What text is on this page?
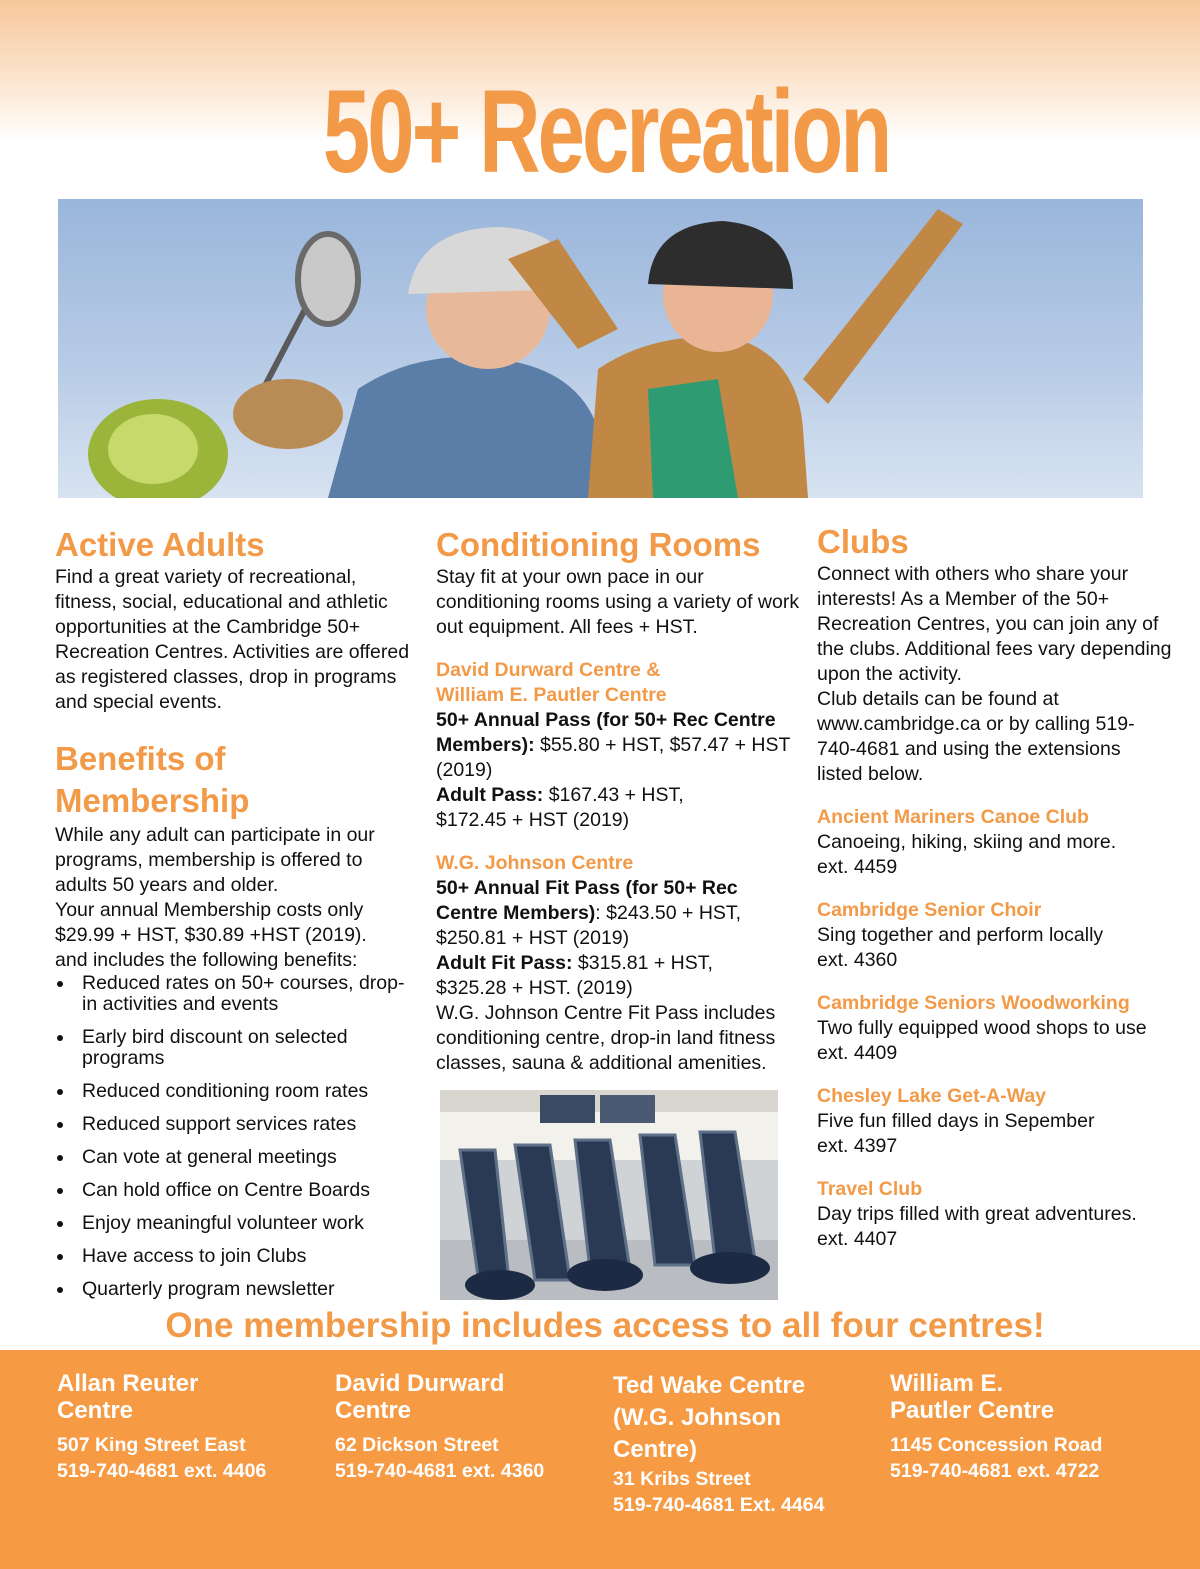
50+ Recreation
Active Adults
Find a great variety of recreational, fitness, social, educational and athletic opportunities at the Cambridge 50+ Recreation Centres. Activities are offered as registered classes, drop in programs and special events.
Benefits of
Membership
While any adult can participate in our programs, membership is offered to adults 50 years and older.
Your annual Membership costs only $29.99 + HST, $30.89 +HST (2019).
and includes the following benefits:
Reduced rates on 50+ courses, drop-in activities and events
Early bird discount on selected programs
Reduced conditioning room rates
Reduced support services rates
Can vote at general meetings
Can hold office on Centre Boards
Enjoy meaningful volunteer work
Have access to join Clubs
Quarterly program newsletter
Conditioning Rooms
Stay fit at your own pace in our conditioning rooms using a variety of work out equipment. All fees + HST.
David Durward Centre & William E. Pautler Centre
50+ Annual Pass (for 50+ Rec Centre Members): $55.80 + HST, $57.47 + HST (2019)
Adult Pass: $167.43 + HST, $172.45 + HST (2019)
W.G. Johnson Centre
50+ Annual Fit Pass (for 50+ Rec Centre Members): $243.50 + HST, $250.81 + HST (2019)
Adult Fit Pass: $315.81 + HST, $325.28 + HST. (2019)
W.G. Johnson Centre Fit Pass includes conditioning centre, drop-in land fitness classes, sauna & additional amenities.
Clubs
Connect with others who share your interests! As a Member of the 50+ Recreation Centres, you can join any of the clubs. Additional fees vary depending upon the activity.
Club details can be found at www.cambridge.ca or by calling 519-740-4681 and using the extensions listed below.
Ancient Mariners Canoe Club
Canoeing, hiking, skiing and more.
ext. 4459
Cambridge Senior Choir
Sing together and perform locally
ext. 4360
Cambridge Seniors Woodworking
Two fully equipped wood shops to use
ext. 4409
Chesley Lake Get-A-Way
Five fun filled days in Sepember
ext. 4397
Travel Club
Day trips filled with great adventures.
ext. 4407
One membership includes access to all four centres!
Allan Reuter
Centre
507 King Street East
519-740-4681 ext. 4406
David Durward
Centre
62 Dickson Street
519-740-4681 ext. 4360
Ted Wake Centre
(W.G. Johnson
Centre)
31 Kribs Street
519-740-4681 Ext. 4464
William E.
Pautler Centre
1145 Concession Road
519-740-4681 ext. 4722
